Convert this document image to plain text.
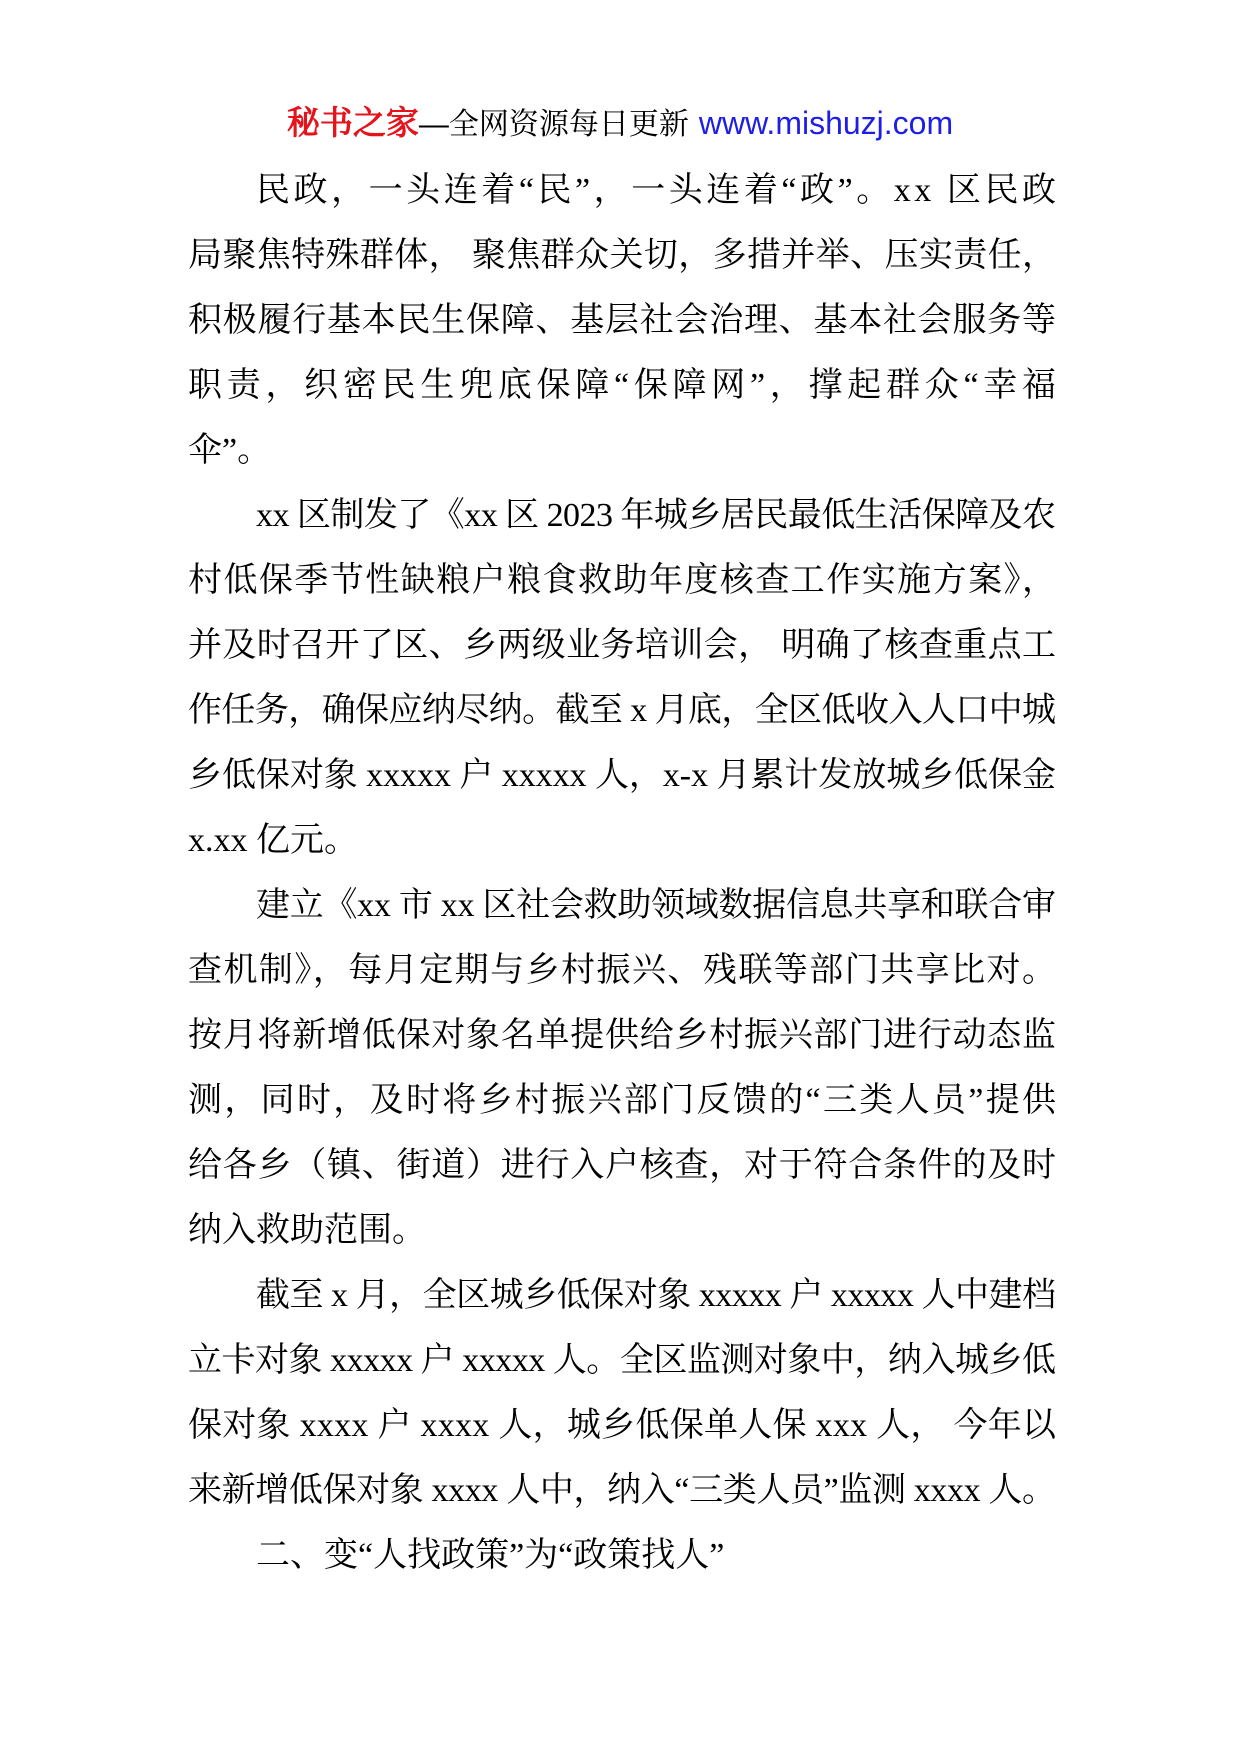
秘书之家—全网资源每日更新 www.mishuzj.com
民政，一头连着“民”，一头连着“政”。xx 区民政
局聚焦特殊群体， 聚焦群众关切，多措并举、压实责任，
积极履行基本民生保障、基层社会治理、基本社会服务等
职责，织密民生兜底保障“保障网”，撑起群众“幸福
伞”。
xx 区制发了《xx 区 2023 年城乡居民最低生活保障及农
村低保季节性缺粮户粮食救助年度核查工作实施方案》，
并及时召开了区、乡两级业务培训会， 明确了核查重点工
作任务，确保应纳尽纳。截至 x 月底，全区低收入人口中城
乡低保对象 xxxxx 户 xxxxx 人，x-x 月累计发放城乡低保金
x.xx 亿元。
建立《xx 市 xx 区社会救助领域数据信息共享和联合审
查机制》，每月定期与乡村振兴、残联等部门共享比对。
按月将新增低保对象名单提供给乡村振兴部门进行动态监
测，同时，及时将乡村振兴部门反馈的“三类人员”提供
给各乡（镇、街道）进行入户核查，对于符合条件的及时
纳入救助范围。
截至 x 月，全区城乡低保对象 xxxxx 户 xxxxx 人中建档
立卡对象 xxxxx 户 xxxxx 人。全区监测对象中，纳入城乡低
保对象 xxxx 户 xxxx 人，城乡低保单人保 xxx 人， 今年以
来新增低保对象 xxxx 人中，纳入“三类人员”监测 xxxx 人。
二、变“人找政策”为“政策找人”
